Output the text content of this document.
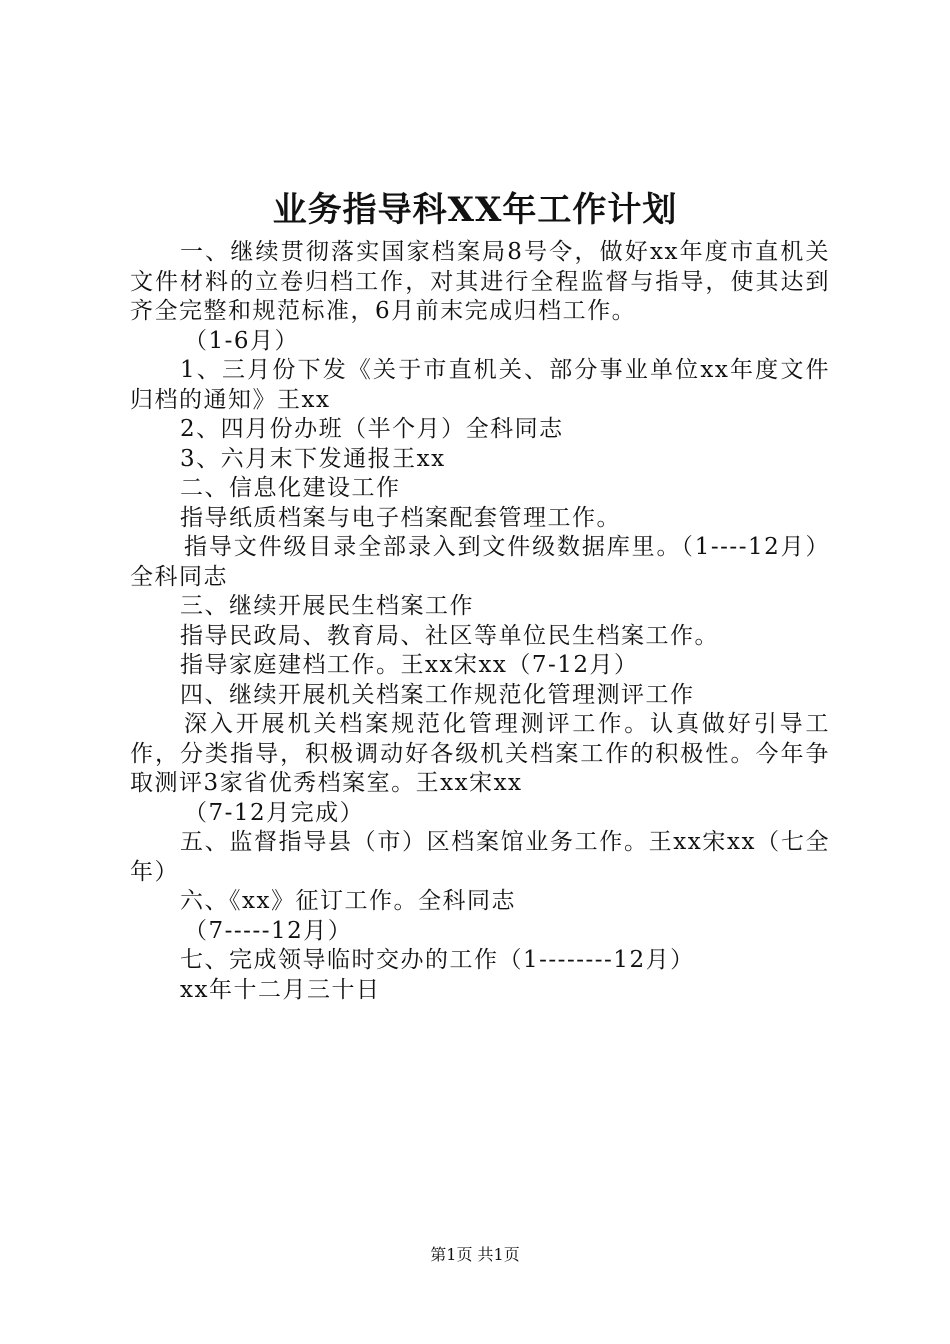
业务指导科XX年工作计划

一、继续贯彻落实国家档案局8号令，做好xx年度市直机关文件材料的立卷归档工作，对其进行全程监督与指导，使其达到齐全完整和规范标准，6月前末完成归档工作。

（1-6月）

1、三月份下发《关于市直机关、部分事业单位xx年度文件归档的通知》王xx

2、四月份办班（半个月）全科同志

3、六月末下发通报王xx

二、信息化建设工作

指导纸质档案与电子档案配套管理工作。

指导文件级目录全部录入到文件级数据库里。（1----12月）全科同志

三、继续开展民生档案工作

指导民政局、教育局、社区等单位民生档案工作。

指导家庭建档工作。王xx宋xx（7-12月）

四、继续开展机关档案工作规范化管理测评工作

深入开展机关档案规范化管理测评工作。认真做好引导工作，分类指导，积极调动好各级机关档案工作的积极性。今年争取测评3家省优秀档案室。王xx宋xx

（7-12月完成）

五、监督指导县（市）区档案馆业务工作。王xx宋xx（七全年）

六、《xx》征订工作。全科同志

（7-----12月）

七、完成领导临时交办的工作（1--------12月）

xx年十二月三十日

第1页 共1页
